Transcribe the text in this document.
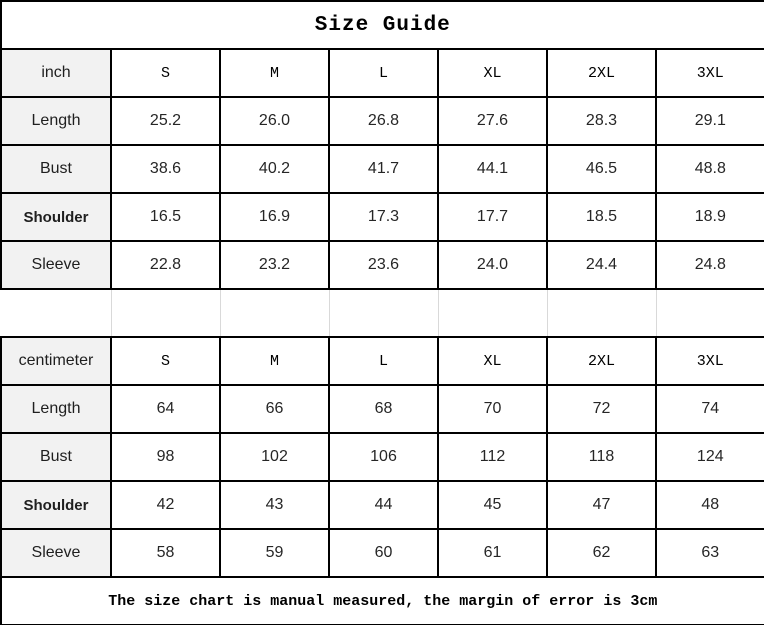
Size Guide						
inch	S	M	L	XL	2XL	3XL
Length	25.2	26.0	26.8	27.6	28.3	29.1
Bust	38.6	40.2	41.7	44.1	46.5	48.8
Shoulder	16.5	16.9	17.3	17.7	18.5	18.9
Sleeve	22.8	23.2	23.6	24.0	24.4	24.8

centimeter	S	M	L	XL	2XL	3XL
Length	64	66	68	70	72	74
Bust	98	102	106	112	118	124
Shoulder	42	43	44	45	47	48
Sleeve	58	59	60	61	62	63
The size chart is manual measured, the margin of error is 3cm						
